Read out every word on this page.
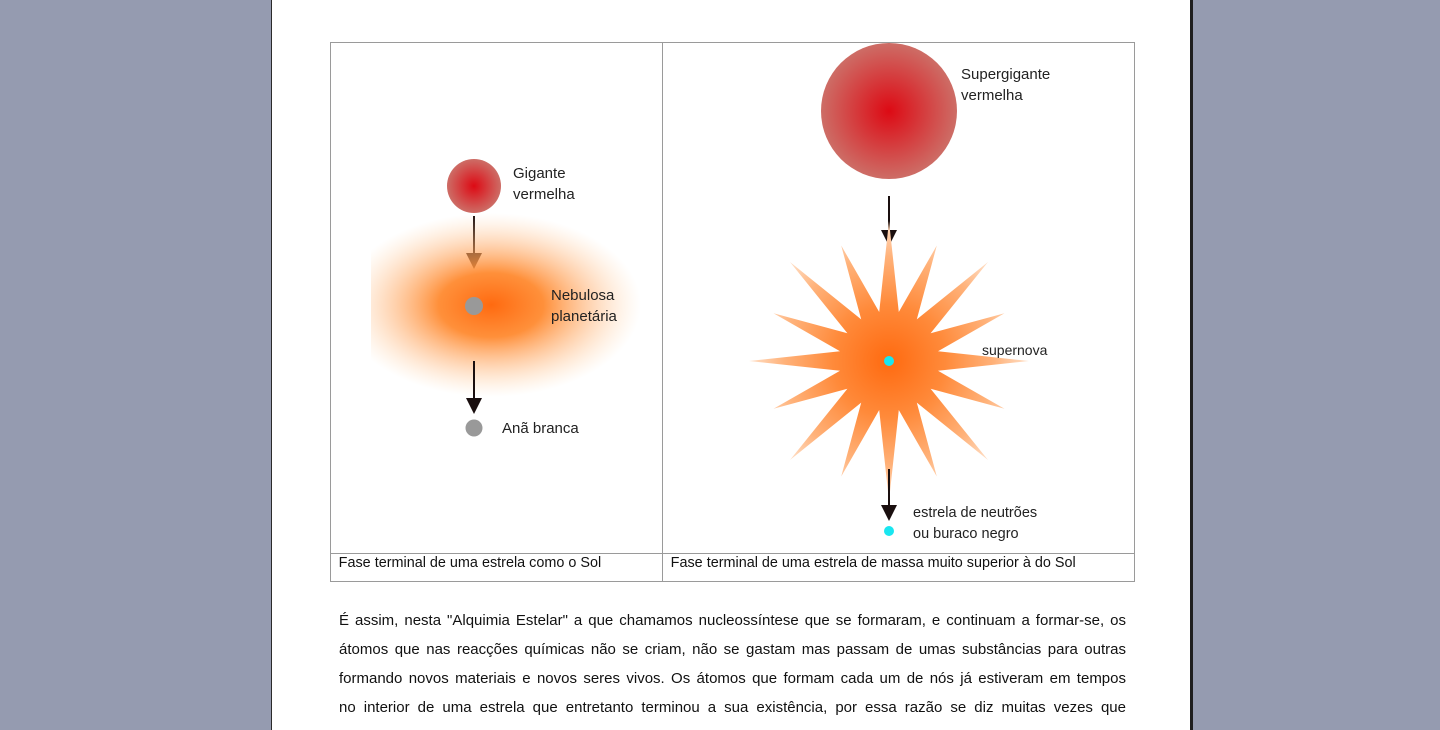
Gigante
vermelha
Nebulosa
planetária
Anã branca
Supergigante
vermelha
supernova
estrela de neutrões
ou buraco negro
Fase terminal de uma estrela como o Sol	Fase terminal de uma estrela de massa muito superior à do Sol
É assim, nesta "Alquimia Estelar" a que chamamos nucleossíntese que se formaram, e continuam a formar-se, os
átomos que nas reacções químicas não se criam, não se gastam mas passam de umas substâncias para outras
formando novos materiais e novos seres vivos. Os átomos que formam cada um de nós já estiveram em tempos
no interior de uma estrela que entretanto terminou a sua existência, por essa razão se diz muitas vezes que
